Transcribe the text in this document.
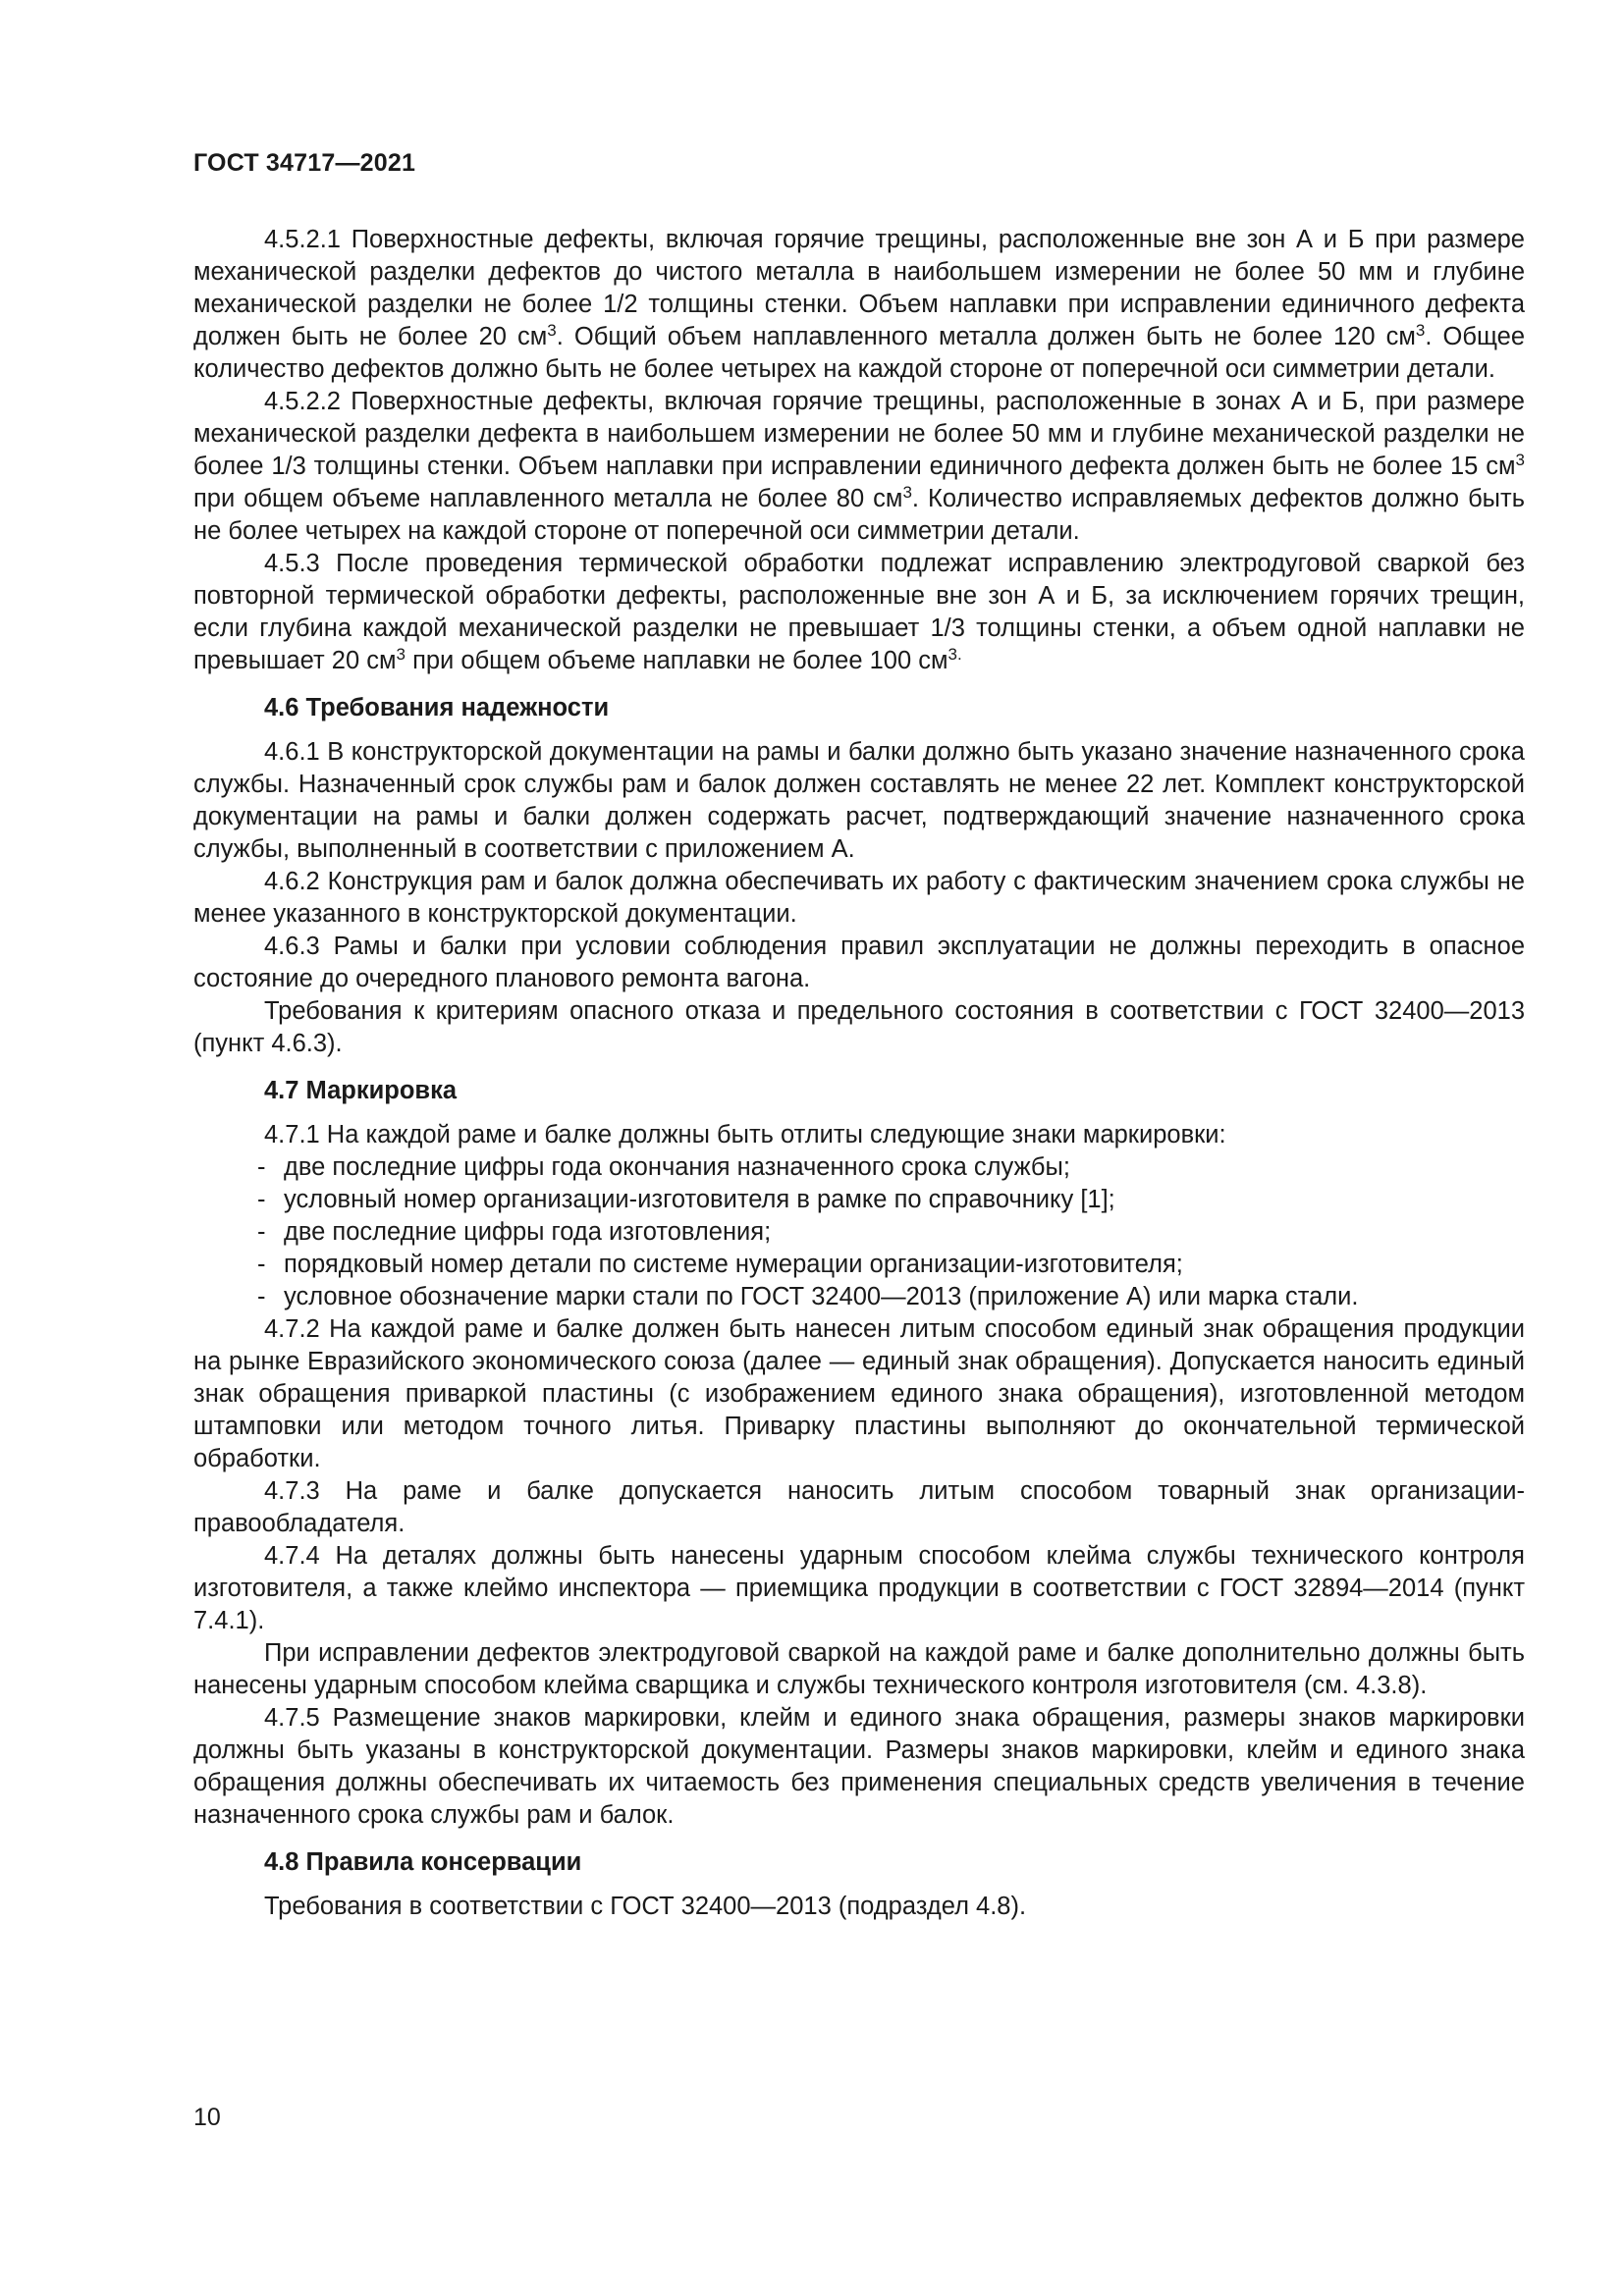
ГОСТ 34717—2021

4.5.2.1 Поверхностные дефекты, включая горячие трещины, расположенные вне зон А и Б при размере механической разделки дефектов до чистого металла в наибольшем измерении не более 50 мм и глубине механической разделки не более 1/2 толщины стенки. Объем наплавки при исправлении единичного дефекта должен быть не более 20 $см^3$. Общий объем наплавленного металла должен быть не более 120 $см^3$. Общее количество дефектов должно быть не более четырех на каждой стороне от поперечной оси симметрии детали.

4.5.2.2 Поверхностные дефекты, включая горячие трещины, расположенные в зонах А и Б, при размере механической разделки дефекта в наибольшем измерении не более 50 мм и глубине механической разделки не более 1/3 толщины стенки. Объем наплавки при исправлении единичного дефекта должен быть не более 15 $см^3$ при общем объеме наплавленного металла не более 80 $см^3$. Количество исправляемых дефектов должно быть не более четырех на каждой стороне от поперечной оси симметрии детали.

4.5.3 После проведения термической обработки подлежат исправлению электродуговой сваркой без повторной термической обработки дефекты, расположенные вне зон А и Б, за исключением горячих трещин, если глубина каждой механической разделки не превышает 1/3 толщины стенки, а объем одной наплавки не превышает 20 $см^3$ при общем объеме наплавки не более 100 $см^{3.}$

4.6 Требования надежности

4.6.1 В конструкторской документации на рамы и балки должно быть указано значение назначенного срока службы. Назначенный срок службы рам и балок должен составлять не менее 22 лет. Комплект конструкторской документации на рамы и балки должен содержать расчет, подтверждающий значение назначенного срока службы, выполненный в соответствии с приложением А.

4.6.2 Конструкция рам и балок должна обеспечивать их работу с фактическим значением срока службы не менее указанного в конструкторской документации.

4.6.3 Рамы и балки при условии соблюдения правил эксплуатации не должны переходить в опасное состояние до очередного планового ремонта вагона.

Требования к критериям опасного отказа и предельного состояния в соответствии с ГОСТ 32400—2013 (пункт 4.6.3).

4.7 Маркировка

4.7.1 На каждой раме и балке должны быть отлиты следующие знаки маркировки:

- две последние цифры года окончания назначенного срока службы;
- условный номер организации-изготовителя в рамке по справочнику [1];
- две последние цифры года изготовления;
- порядковый номер детали по системе нумерации организации-изготовителя;
- условное обозначение марки стали по ГОСТ 32400—2013 (приложение А) или марка стали.

4.7.2 На каждой раме и балке должен быть нанесен литым способом единый знак обращения продукции на рынке Евразийского экономического союза (далее — единый знак обращения). Допускается наносить единый знак обращения приваркой пластины (с изображением единого знака обращения), изготовленной методом штамповки или методом точного литья. Приварку пластины выполняют до окончательной термической обработки.

4.7.3 На раме и балке допускается наносить литым способом товарный знак организации-правообладателя.

4.7.4 На деталях должны быть нанесены ударным способом клейма службы технического контроля изготовителя, а также клеймо инспектора — приемщика продукции в соответствии с ГОСТ 32894—2014 (пункт 7.4.1).

При исправлении дефектов электродуговой сваркой на каждой раме и балке дополнительно должны быть нанесены ударным способом клейма сварщика и службы технического контроля изготовителя (см. 4.3.8).

4.7.5 Размещение знаков маркировки, клейм и единого знака обращения, размеры знаков маркировки должны быть указаны в конструкторской документации. Размеры знаков маркировки, клейм и единого знака обращения должны обеспечивать их читаемость без применения специальных средств увеличения в течение назначенного срока службы рам и балок.

4.8 Правила консервации

Требования в соответствии с ГОСТ 32400—2013 (подраздел 4.8).

10
